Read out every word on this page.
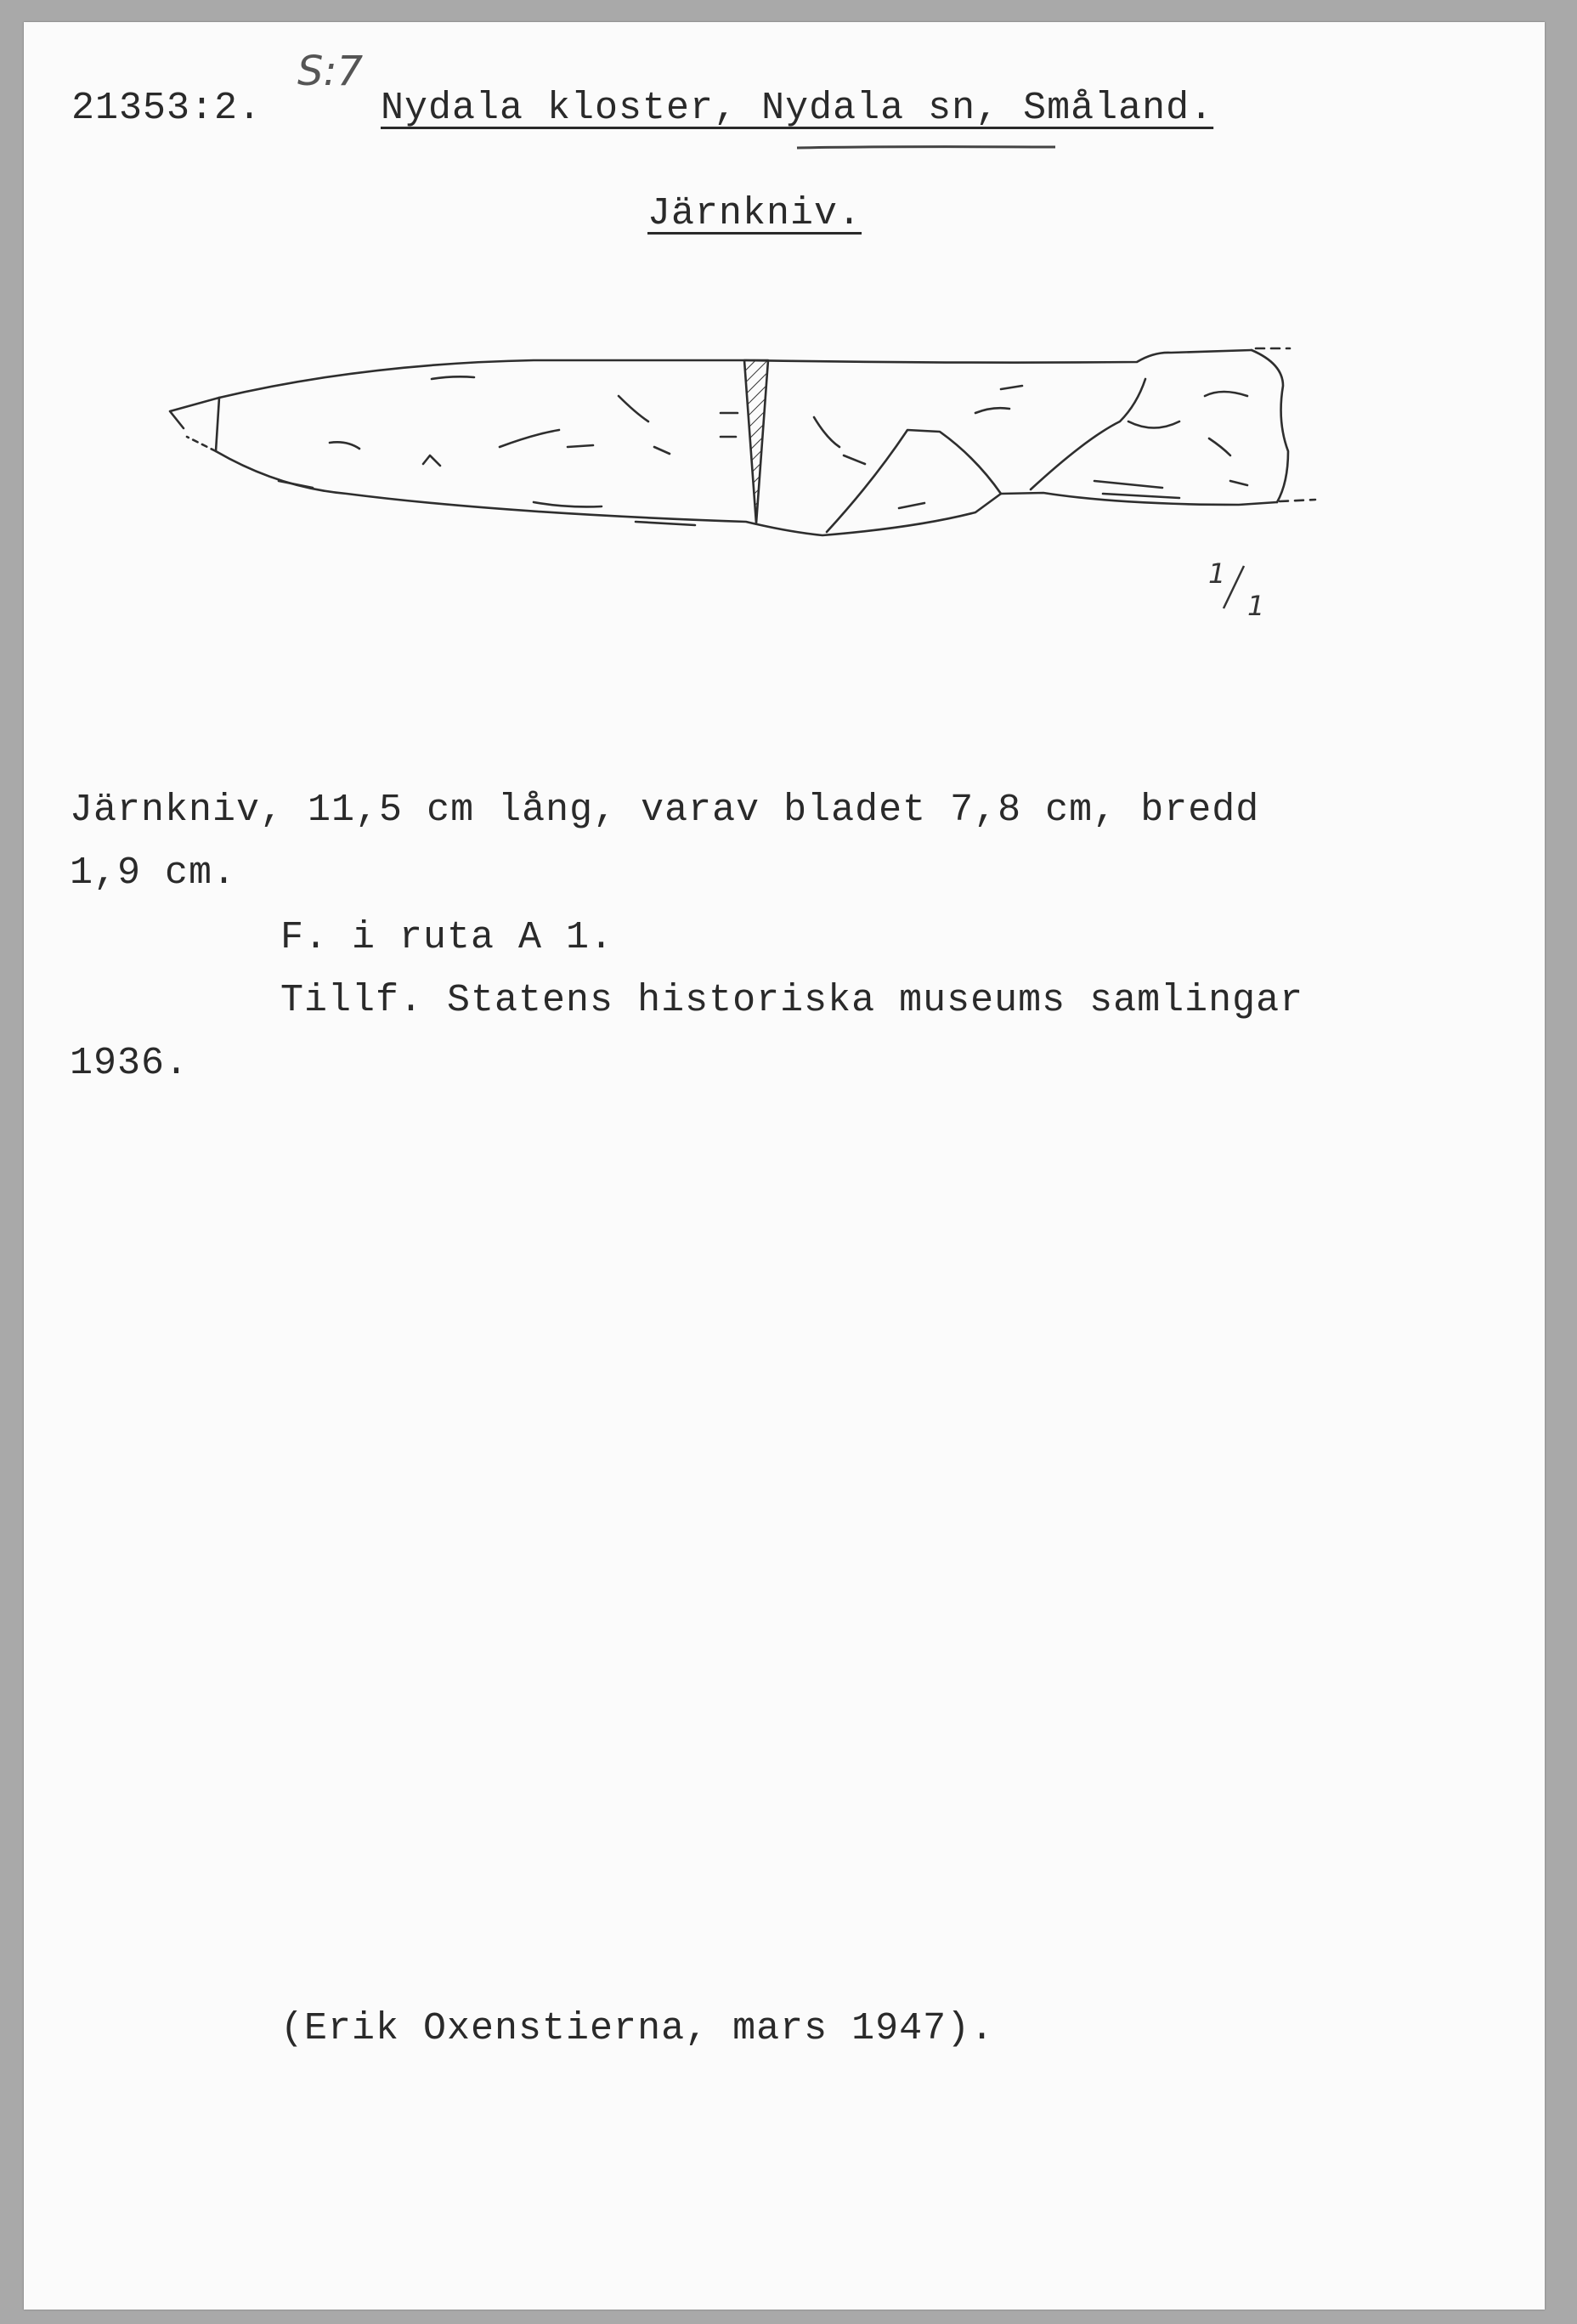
21353:2.
S:7
Nydala kloster, Nydala sn, Småland.
Järnkniv.
1
1
Järnkniv, 11,5 cm lång, varav bladet 7,8 cm, bredd
1,9 cm.
F. i ruta A 1.
Tillf. Statens historiska museums samlingar
1936.
(Erik Oxenstierna, mars 1947).
